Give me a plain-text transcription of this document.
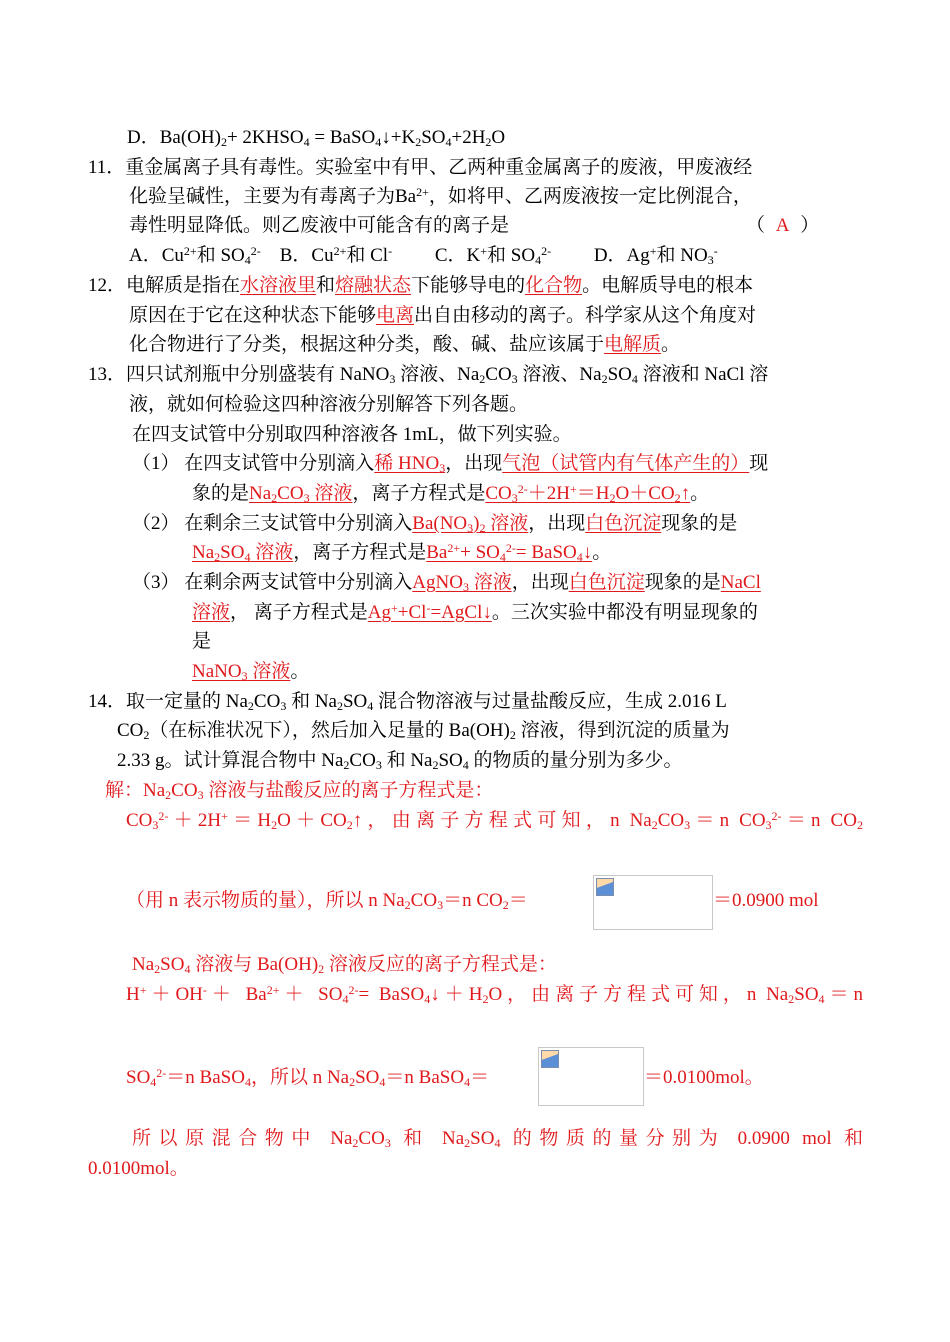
D．$Ba(OH)_2+$ $2KHSO_4$ = $BaSO_4↓+K_2SO_4+2H_2O$
11．重金属离子具有毒性。实验室中有甲、乙两种重金属离子的废液，甲废液经
化验呈碱性，主要为有毒离子为$Ba^{2+}$，如将甲、乙两废液按一定比例混合，
毒性明显降低。则乙废液中可能含有的离子是	（ A ）
A．$Cu^{2+}$和 $SO_4^{2-}$    B．$Cu^{2+}$和 Cl-         C．K+和 $SO_4^{2-}$         D．Ag+和 $NO_3^-$
12．电解质是指在水溶液里和熔融状态下能够导电的化合物。电解质导电的根本
原因在于它在这种状态下能够电离出自由移动的离子。科学家从这个角度对
化合物进行了分类，根据这种分类，酸、碱、盐应该属于电解质。
13．四只试剂瓶中分别盛装有 NaNO$_3$ 溶液、$Na_2CO_3$ 溶液、$Na_2SO_4$ 溶液和 NaCl 溶
液，就如何检验这四种溶液分别解答下列各题。
在四支试管中分别取四种溶液各 1mL，做下列实验。
（1） 在四支试管中分别滴入稀 $HNO_3$，出现气泡（试管内有气体产生的）现
象的是$Na_2CO_3$ 溶液，离子方程式是$CO_3^{2-}+2H^+=H_2O+CO_2↑$。
（2） 在剩余三支试管中分别滴入$Ba(NO_3)_2$ 溶液，出现白色沉淀现象的是
$Na_2SO_4$ 溶液，离子方程式是$Ba^{2+}+ SO_4^{2-}=$ BaSO$_4$↓。
（3） 在剩余两支试管中分别滴入AgNO$_3$ 溶液，出现白色沉淀现象的是NaCl
溶液， 离子方程式是Ag++Cl-=AgCl↓。三次实验中都没有明显现象的
是
NaNO$_3$ 溶液。
14．取一定量的 $Na_2CO_3$ 和 $Na_2SO_4$ 混合物溶液与过量盐酸反应，生成 2.016 L
$CO_2$（在标准状况下），然后加入足量的 $Ba(OH)_2$ 溶液，得到沉淀的质量为
2.33 g。试计算混合物中 $Na_2CO_3$ 和 $Na_2SO_4$ 的物质的量分别为多少。
解：$Na_2CO_3$ 溶液与盐酸反应的离子方程式是：
$CO_3^{2-}+2H^+=H_2O+CO_2↑$，由离子方程式可知，n $Na_2CO_3=n$ $CO_3^{2-}=n$ $CO_2$
（用 n 表示物质的量），所以 n $Na_2CO_3=n$ $CO_2=$	＝0.0900 mol
$Na_2SO_4$ 溶液与 $Ba(OH)_2$ 溶液反应的离子方程式是：
$H^++OH^-+ Ba^{2+}+ SO_4^{2-}=$ $BaSO_4↓+H_2O$，由离子方程式可知，n $Na_2SO_4=n$
$SO_4^{2-}=n$ BaSO$_4$，所以 n $Na_2SO_4=n$ BaSO$_4$＝	＝0.0100mol。
所以原混合物中 $Na_2CO_3$ 和 $Na_2SO_4$ 的物质的量分别为 0.0900 mol 和
0.0100mol。
